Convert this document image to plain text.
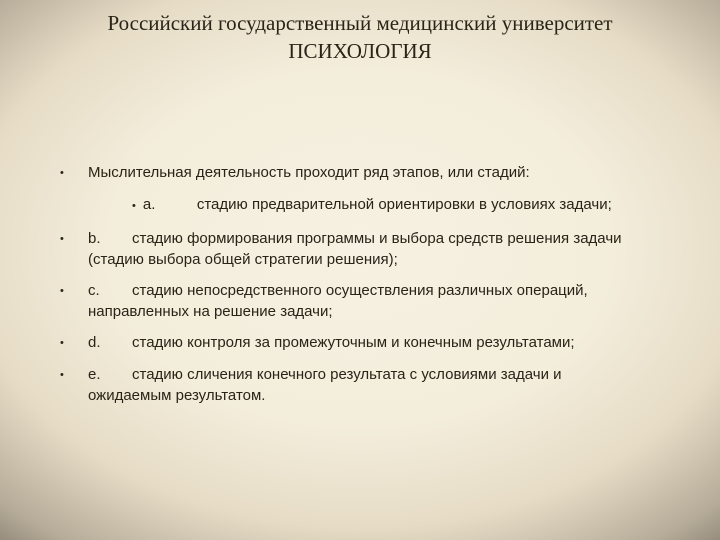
Российский государственный медицинский университет
ПСИХОЛОГИЯ
•	Мыслительная деятельность проходит ряд этапов, или стадий:
• a.	стадию предварительной ориентировки в условиях задачи;
•	b. стадию формирования программы и выбора средств решения задачи
(стадию выбора общей стратегии решения);
•	c. стадию непосредственного осуществления различных операций,
направленных на решение задачи;
•	d. стадию контроля за промежуточным и конечным результатами;
•	e. стадию сличения конечного результата с условиями задачи и
ожидаемым результатом.
